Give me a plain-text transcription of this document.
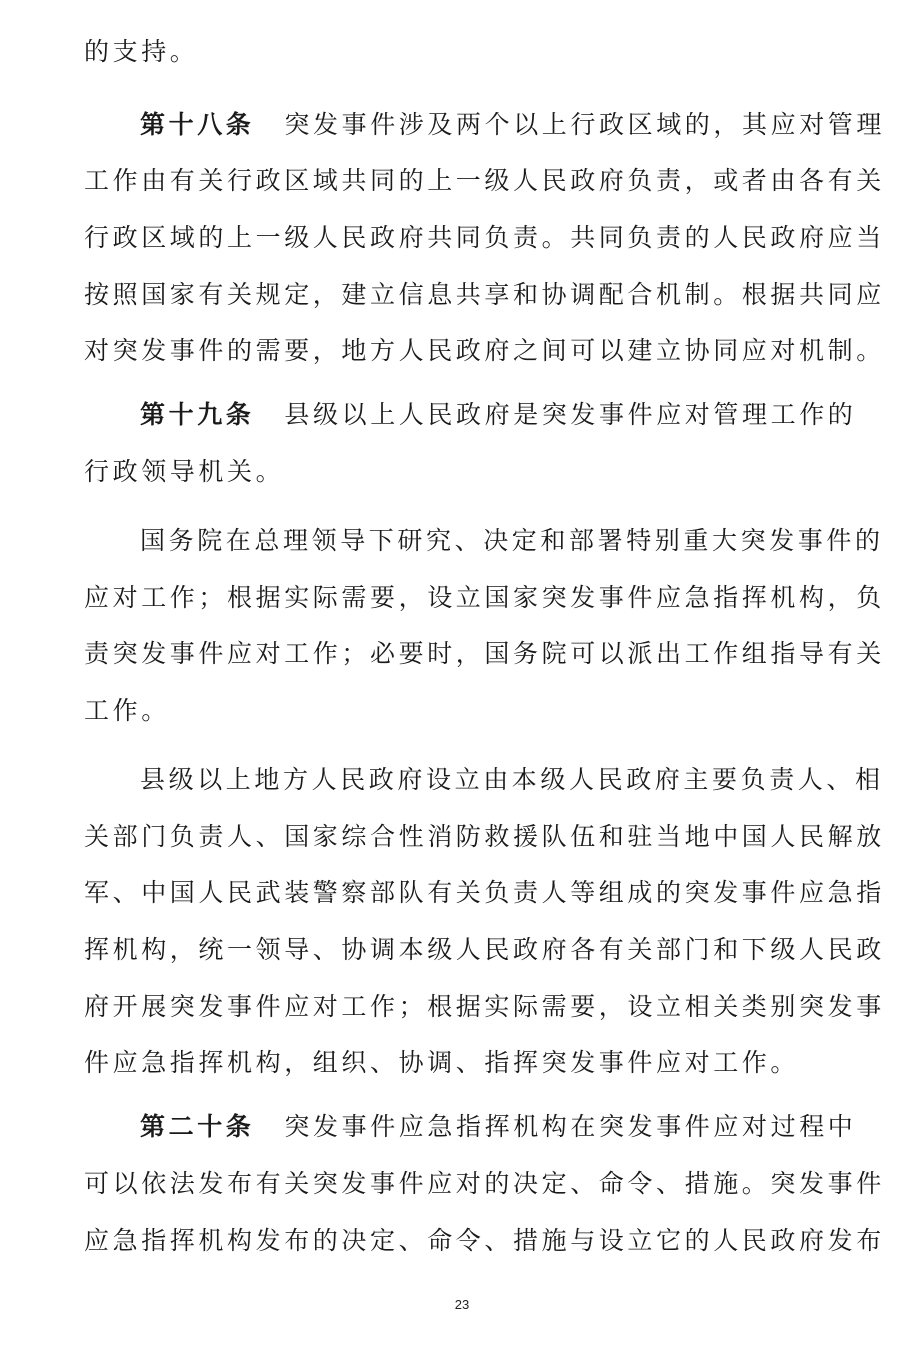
的支持。
第十八条 突发事件涉及两个以上行政区域的，其应对管理
工作由有关行政区域共同的上一级人民政府负责，或者由各有关
行政区域的上一级人民政府共同负责。共同负责的人民政府应当
按照国家有关规定，建立信息共享和协调配合机制。根据共同应
对突发事件的需要，地方人民政府之间可以建立协同应对机制。
第十九条 县级以上人民政府是突发事件应对管理工作的
行政领导机关。
国务院在总理领导下研究、决定和部署特别重大突发事件的
应对工作；根据实际需要，设立国家突发事件应急指挥机构，负
责突发事件应对工作；必要时，国务院可以派出工作组指导有关
工作。
县级以上地方人民政府设立由本级人民政府主要负责人、相
关部门负责人、国家综合性消防救援队伍和驻当地中国人民解放
军、中国人民武装警察部队有关负责人等组成的突发事件应急指
挥机构，统一领导、协调本级人民政府各有关部门和下级人民政
府开展突发事件应对工作；根据实际需要，设立相关类别突发事
件应急指挥机构，组织、协调、指挥突发事件应对工作。
第二十条 突发事件应急指挥机构在突发事件应对过程中
可以依法发布有关突发事件应对的决定、命令、措施。突发事件
应急指挥机构发布的决定、命令、措施与设立它的人民政府发布
23
